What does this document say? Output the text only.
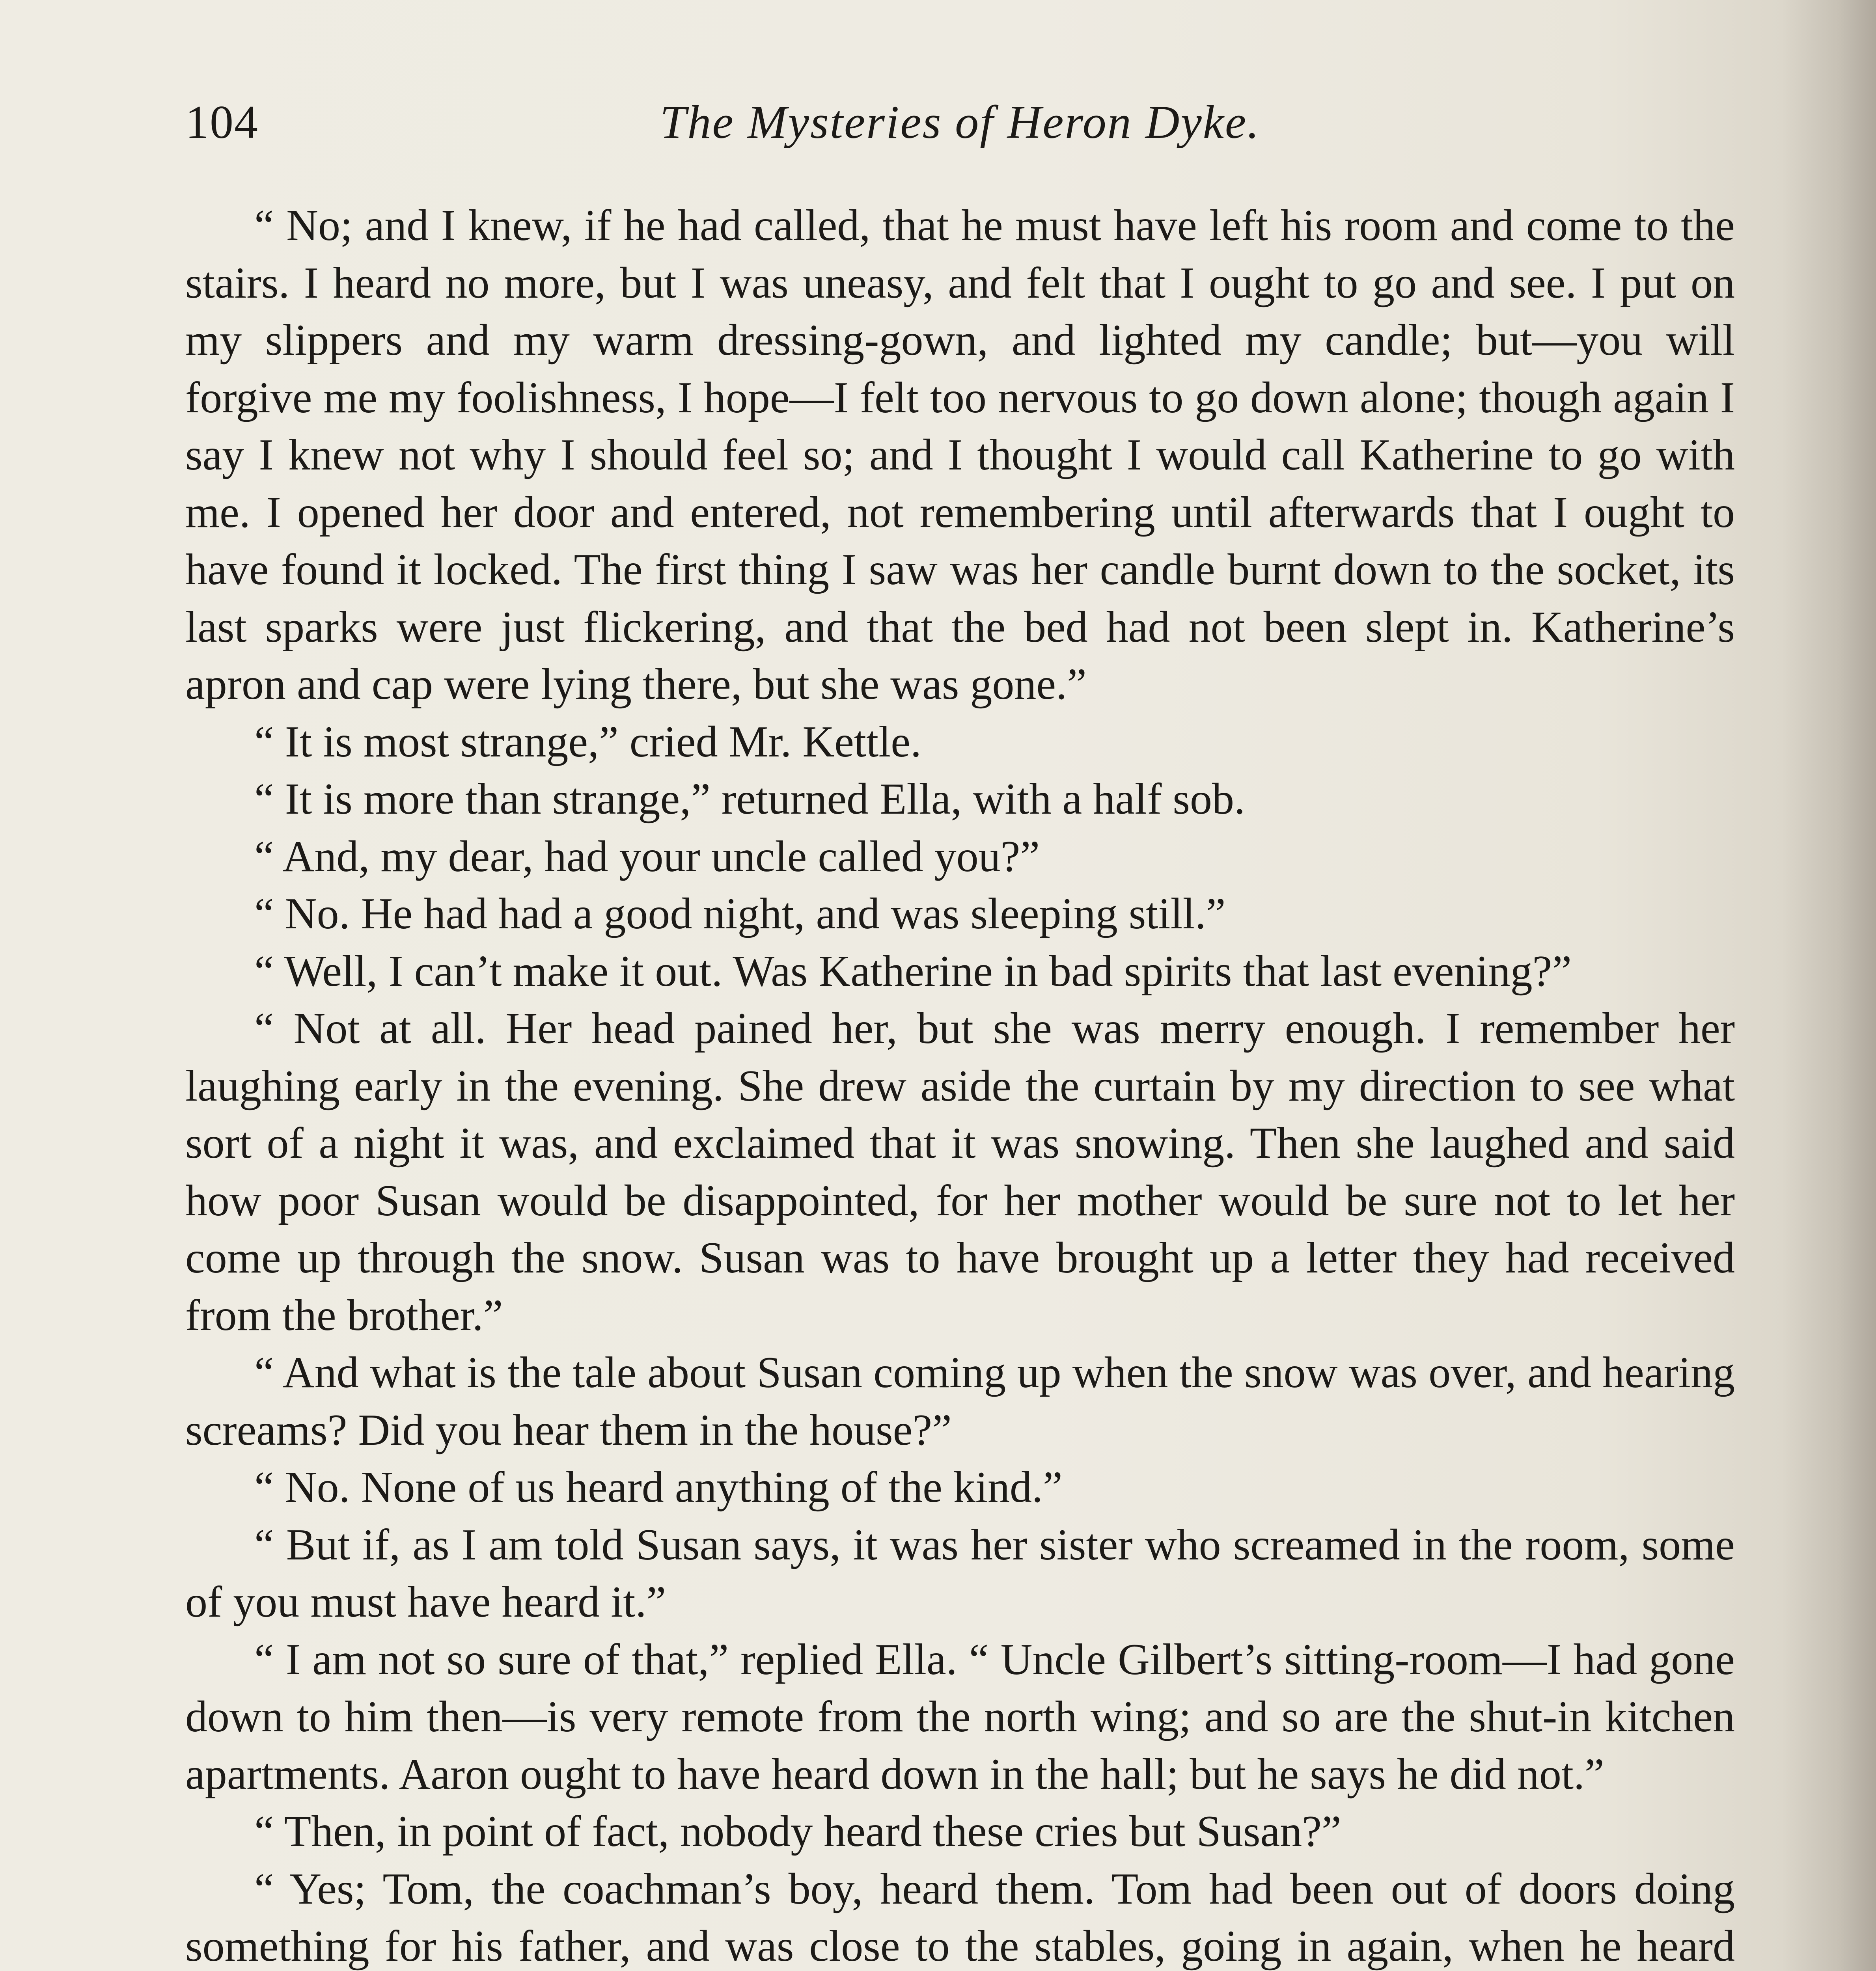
104	The Mysteries of Heron Dyke.

“ No; and I knew, if he had called, that he must have left his room and come to the stairs. I heard no more, but I was uneasy, and felt that I ought to go and see. I put on my slippers and my warm dressing-gown, and lighted my candle; but—you will forgive me my foolishness, I hope—I felt too nervous to go down alone; though again I say I knew not why I should feel so; and I thought I would call Katherine to go with me. I opened her door and entered, not remembering until afterwards that I ought to have found it locked. The first thing I saw was her candle burnt down to the socket, its last sparks were just flickering, and that the bed had not been slept in. Katherine’s apron and cap were lying there, but she was gone.”

“ It is most strange,” cried Mr. Kettle.

“ It is more than strange,” returned Ella, with a half sob.

“ And, my dear, had your uncle called you?”

“ No. He had had a good night, and was sleeping still.”

“ Well, I can’t make it out. Was Katherine in bad spirits that last evening?”

“ Not at all. Her head pained her, but she was merry enough. I remember her laughing early in the evening. She drew aside the curtain by my direction to see what sort of a night it was, and exclaimed that it was snowing. Then she laughed and said how poor Susan would be disappointed, for her mother would be sure not to let her come up through the snow. Susan was to have brought up a letter they had received from the brother.”

“ And what is the tale about Susan coming up when the snow was over, and hearing screams? Did you hear them in the house?”

“ No. None of us heard anything of the kind.”

“ But if, as I am told Susan says, it was her sister who screamed in the room, some of you must have heard it.”

“ I am not so sure of that,” replied Ella. “ Uncle Gilbert’s sitting-room—I had gone down to him then—is very remote from the north wing; and so are the shut-in kitchen apartments. Aaron ought to have heard down in the hall; but he says he did not.”

“ Then, in point of fact, nobody heard these cries but Susan?”

“ Yes; Tom, the coachman’s boy, heard them. Tom had been out of doors doing something for his father, and was close to the stables, going in again, when he heard
